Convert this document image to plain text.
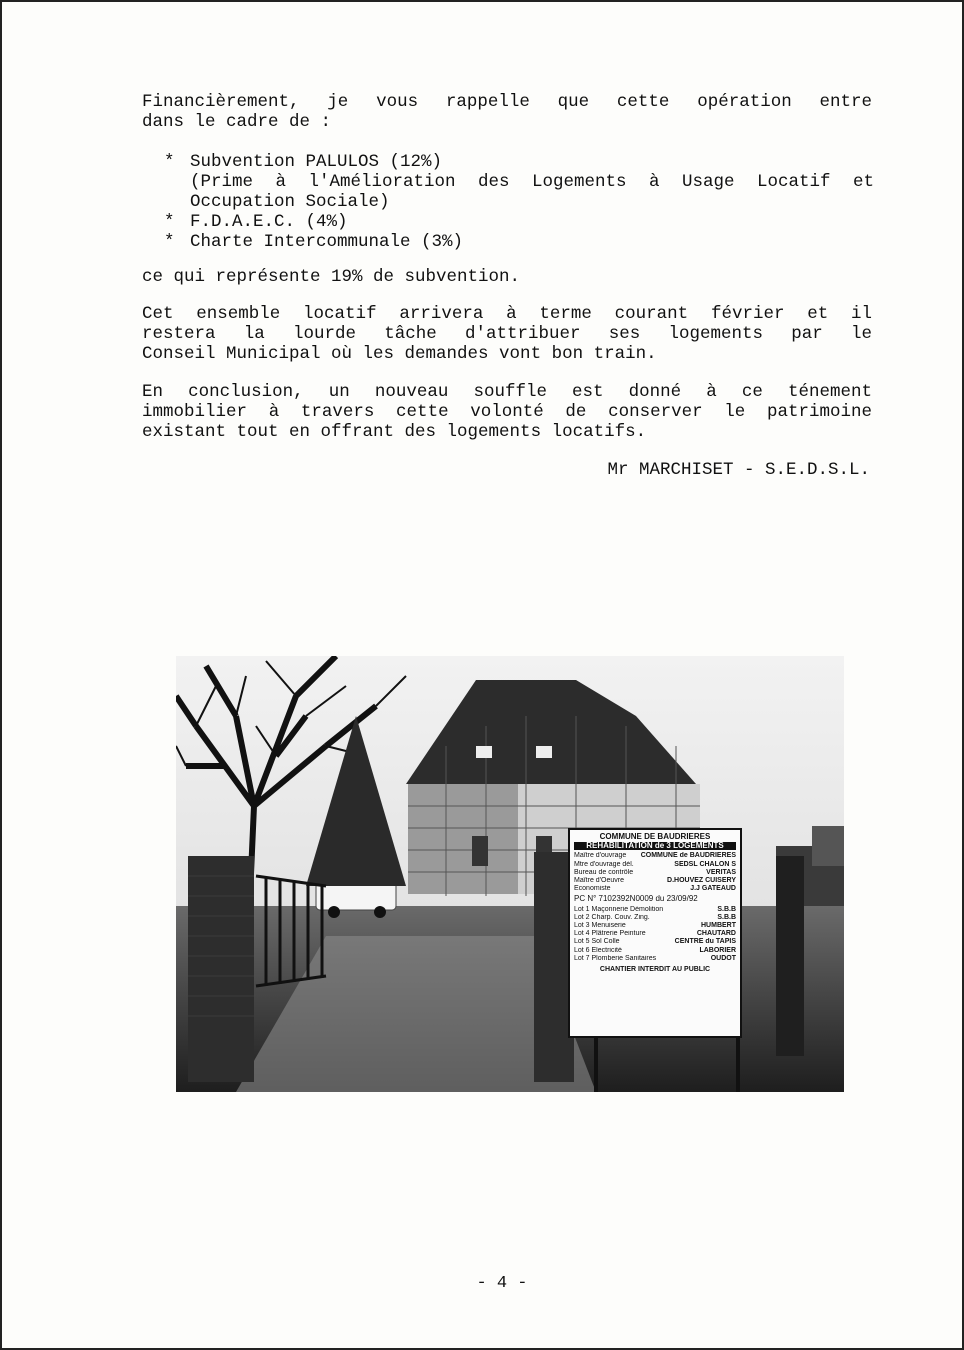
Financièrement, je vous rappelle que cette opération entre
dans le cadre de :
* Subvention PALULOS (12%)
(Prime à l'Amélioration des Logements à Usage Locatif et
Occupation Sociale)
* F.D.A.E.C. (4%)
* Charte Intercommunale (3%)
ce qui représente 19% de subvention.
Cet ensemble locatif arrivera à terme courant février et il
restera la lourde tâche d'attribuer ses logements par le
Conseil Municipal où les demandes vont bon train.
En conclusion, un nouveau souffle est donné à ce ténement
immobilier à travers cette volonté de conserver le patrimoine
existant tout en offrant des logements locatifs.
Mr MARCHISET - S.E.D.S.L.
COMMUNE DE BAUDRIERES
REHABILITATION de 3 LOGEMENTS
Maître d'ouvrage COMMUNE de BAUDRIERES
Mtre d'ouvrage dél.	SEDSL CHALON S
Bureau de contrôle	VERITAS
Maître d'Oeuvre	D.HOUVEZ CUISERY
Economiste	J.J GATEAUD
PC N° 7102392N0009 du 23/09/92
Lot 1 Maçonnerie Démolition	S.B.B
Lot 2 Charp. Couv. Zing.	S.B.B
Lot 3 Menuiserie	HUMBERT
Lot 4 Plâtrerie Peinture	CHAUTARD
Lot 5 Sol Colle	CENTRE du TAPIS
Lot 6 Electricité	LABORIER
Lot 7 Plomberie Sanitaires	OUDOT
CHANTIER INTERDIT AU PUBLIC
- 4 -
